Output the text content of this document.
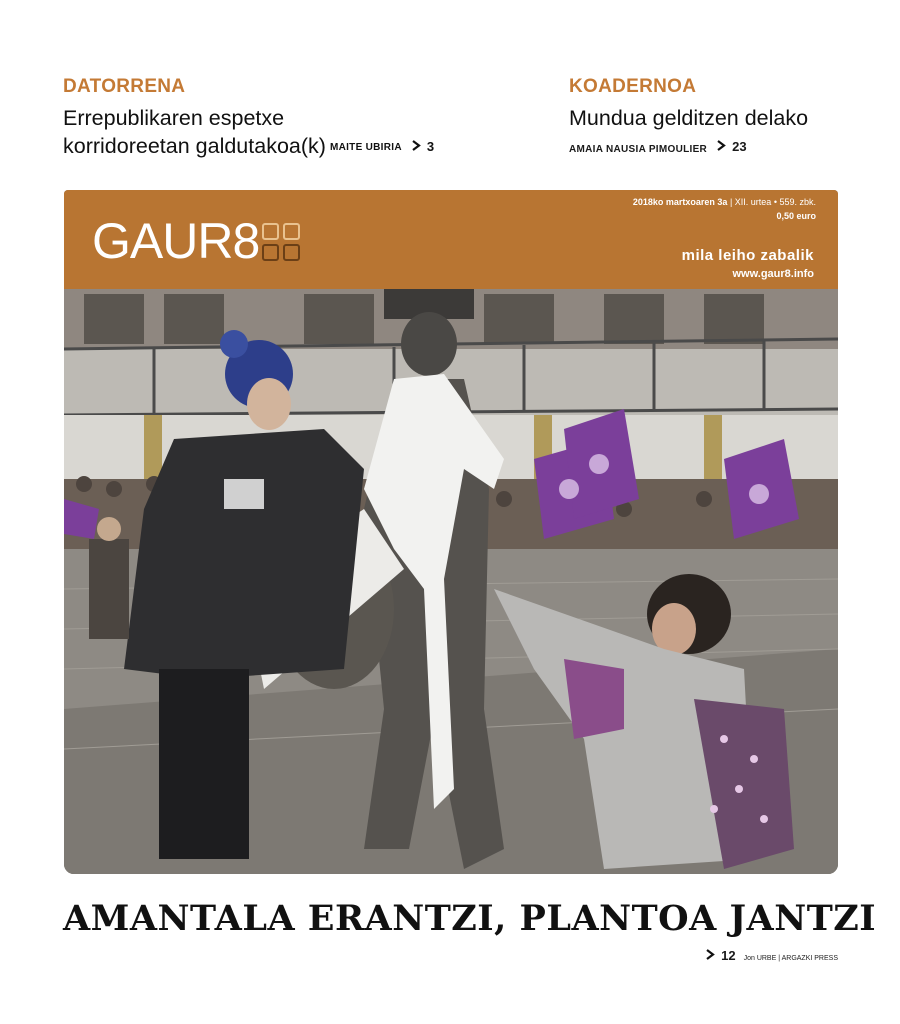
DATORRENA
Errepublikaren espetxe
korridoreetan galdutakoa(k) MAITE UBIRIA 3
KOADERNOA
Mundua gelditzen delako
AMAIA NAUSIA PIMOULIER 23
GAUR8
2018ko martxoaren 3a | XII. urtea • 559. zbk.
0,50 euro
mila leiho zabalik
www.gaur8.info
AMANTALA ERANTZI, PLANTOA JANTZI
12 Jon URBE | ARGAZKI PRESS
